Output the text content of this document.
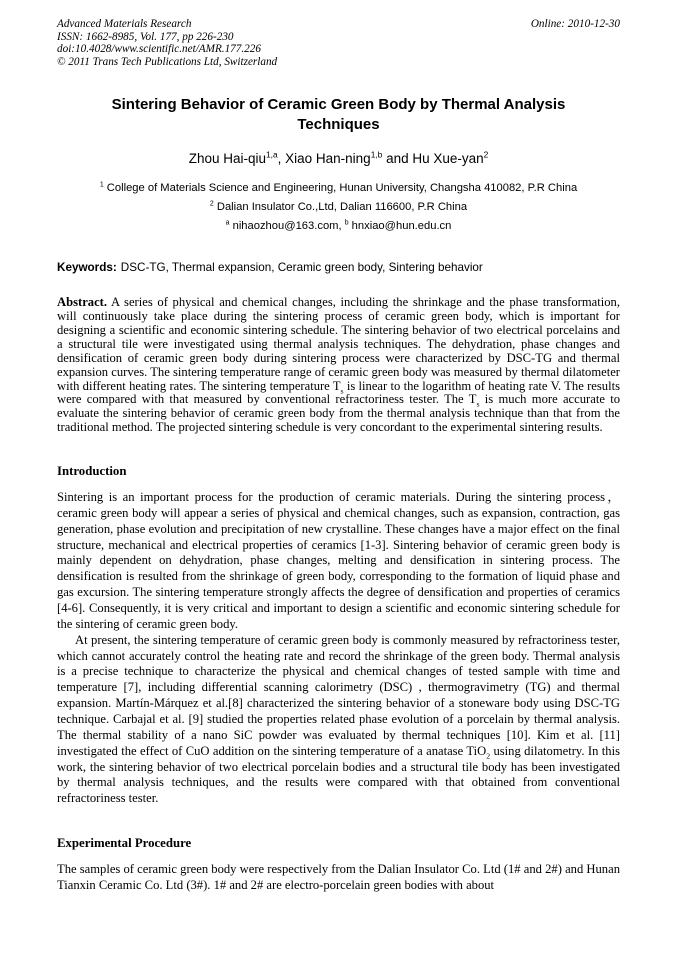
Advanced Materials Research
ISSN: 1662-8985, Vol. 177, pp 226-230
doi:10.4028/www.scientific.net/AMR.177.226
© 2011 Trans Tech Publications Ltd, Switzerland
Online: 2010-12-30
Sintering Behavior of Ceramic Green Body by Thermal Analysis Techniques
Zhou Hai-qiu$^{1,a}$, Xiao Han-ning$^{1,b}$ and Hu Xue-yan$^2$
$^1$ College of Materials Science and Engineering, Hunan University, Changsha 410082, P.R China
$^2$ Dalian Insulator Co.,Ltd, Dalian 116600, P.R China
$^a$ nihaozhou@163.com, $^b$ hnxiao@hun.edu.cn
Keywords: DSC-TG, Thermal expansion, Ceramic green body, Sintering behavior

Abstract. A series of physical and chemical changes, including the shrinkage and the phase transformation, will continuously take place during the sintering process of ceramic green body, which is important for designing a scientific and economic sintering schedule. The sintering behavior of two electrical porcelains and a structural tile were investigated using thermal analysis techniques. The dehydration, phase changes and densification of ceramic green body during sintering process were characterized by DSC-TG and thermal expansion curves. The sintering temperature range of ceramic green body was measured by thermal dilatometer with different heating rates. The sintering temperature $T_s$ is linear to the logarithm of heating rate V. The results were compared with that measured by conventional refractoriness tester. The $T_s$ is much more accurate to evaluate the sintering behavior of ceramic green body from the thermal analysis technique than that from the traditional method. The projected sintering schedule is very concordant to the experimental sintering results.

Introduction

Sintering is an important process for the production of ceramic materials. During the sintering process，ceramic green body will appear a series of physical and chemical changes, such as expansion, contraction, gas generation, phase evolution and precipitation of new crystalline. These changes have a major effect on the final structure, mechanical and electrical properties of ceramics [1-3]. Sintering behavior of ceramic green body is mainly dependent on dehydration, phase changes, melting and densification in sintering process. The densification is resulted from the shrinkage of green body, corresponding to the formation of liquid phase and gas excursion. The sintering temperature strongly affects the degree of densification and properties of ceramics [4-6]. Consequently, it is very critical and important to design a scientific and economic sintering schedule for the sintering of ceramic green body.

At present, the sintering temperature of ceramic green body is commonly measured by refractoriness tester, which cannot accurately control the heating rate and record the shrinkage of the green body. Thermal analysis is a precise technique to characterize the physical and chemical changes of tested sample with time and temperature [7], including differential scanning calorimetry (DSC) , thermogravimetry (TG) and thermal expansion. Martín-Márquez et al.[8] characterized the sintering behavior of a stoneware body using DSC-TG technique. Carbajal et al. [9] studied the properties related phase evolution of a porcelain by thermal analysis. The thermal stability of a nano SiC powder was evaluated by thermal techniques [10]. Kim et al. [11] investigated the effect of CuO addition on the sintering temperature of a anatase TiO$_2$ using dilatometry. In this work, the sintering behavior of two electrical porcelain bodies and a structural tile body has been investigated by thermal analysis techniques, and the results were compared with that obtained from conventional refractoriness tester.

Experimental Procedure

The samples of ceramic green body were respectively from the Dalian Insulator Co. Ltd (1# and 2#) and Hunan Tianxin Ceramic Co. Ltd (3#). 1# and 2# are electro-porcelain green bodies with about
